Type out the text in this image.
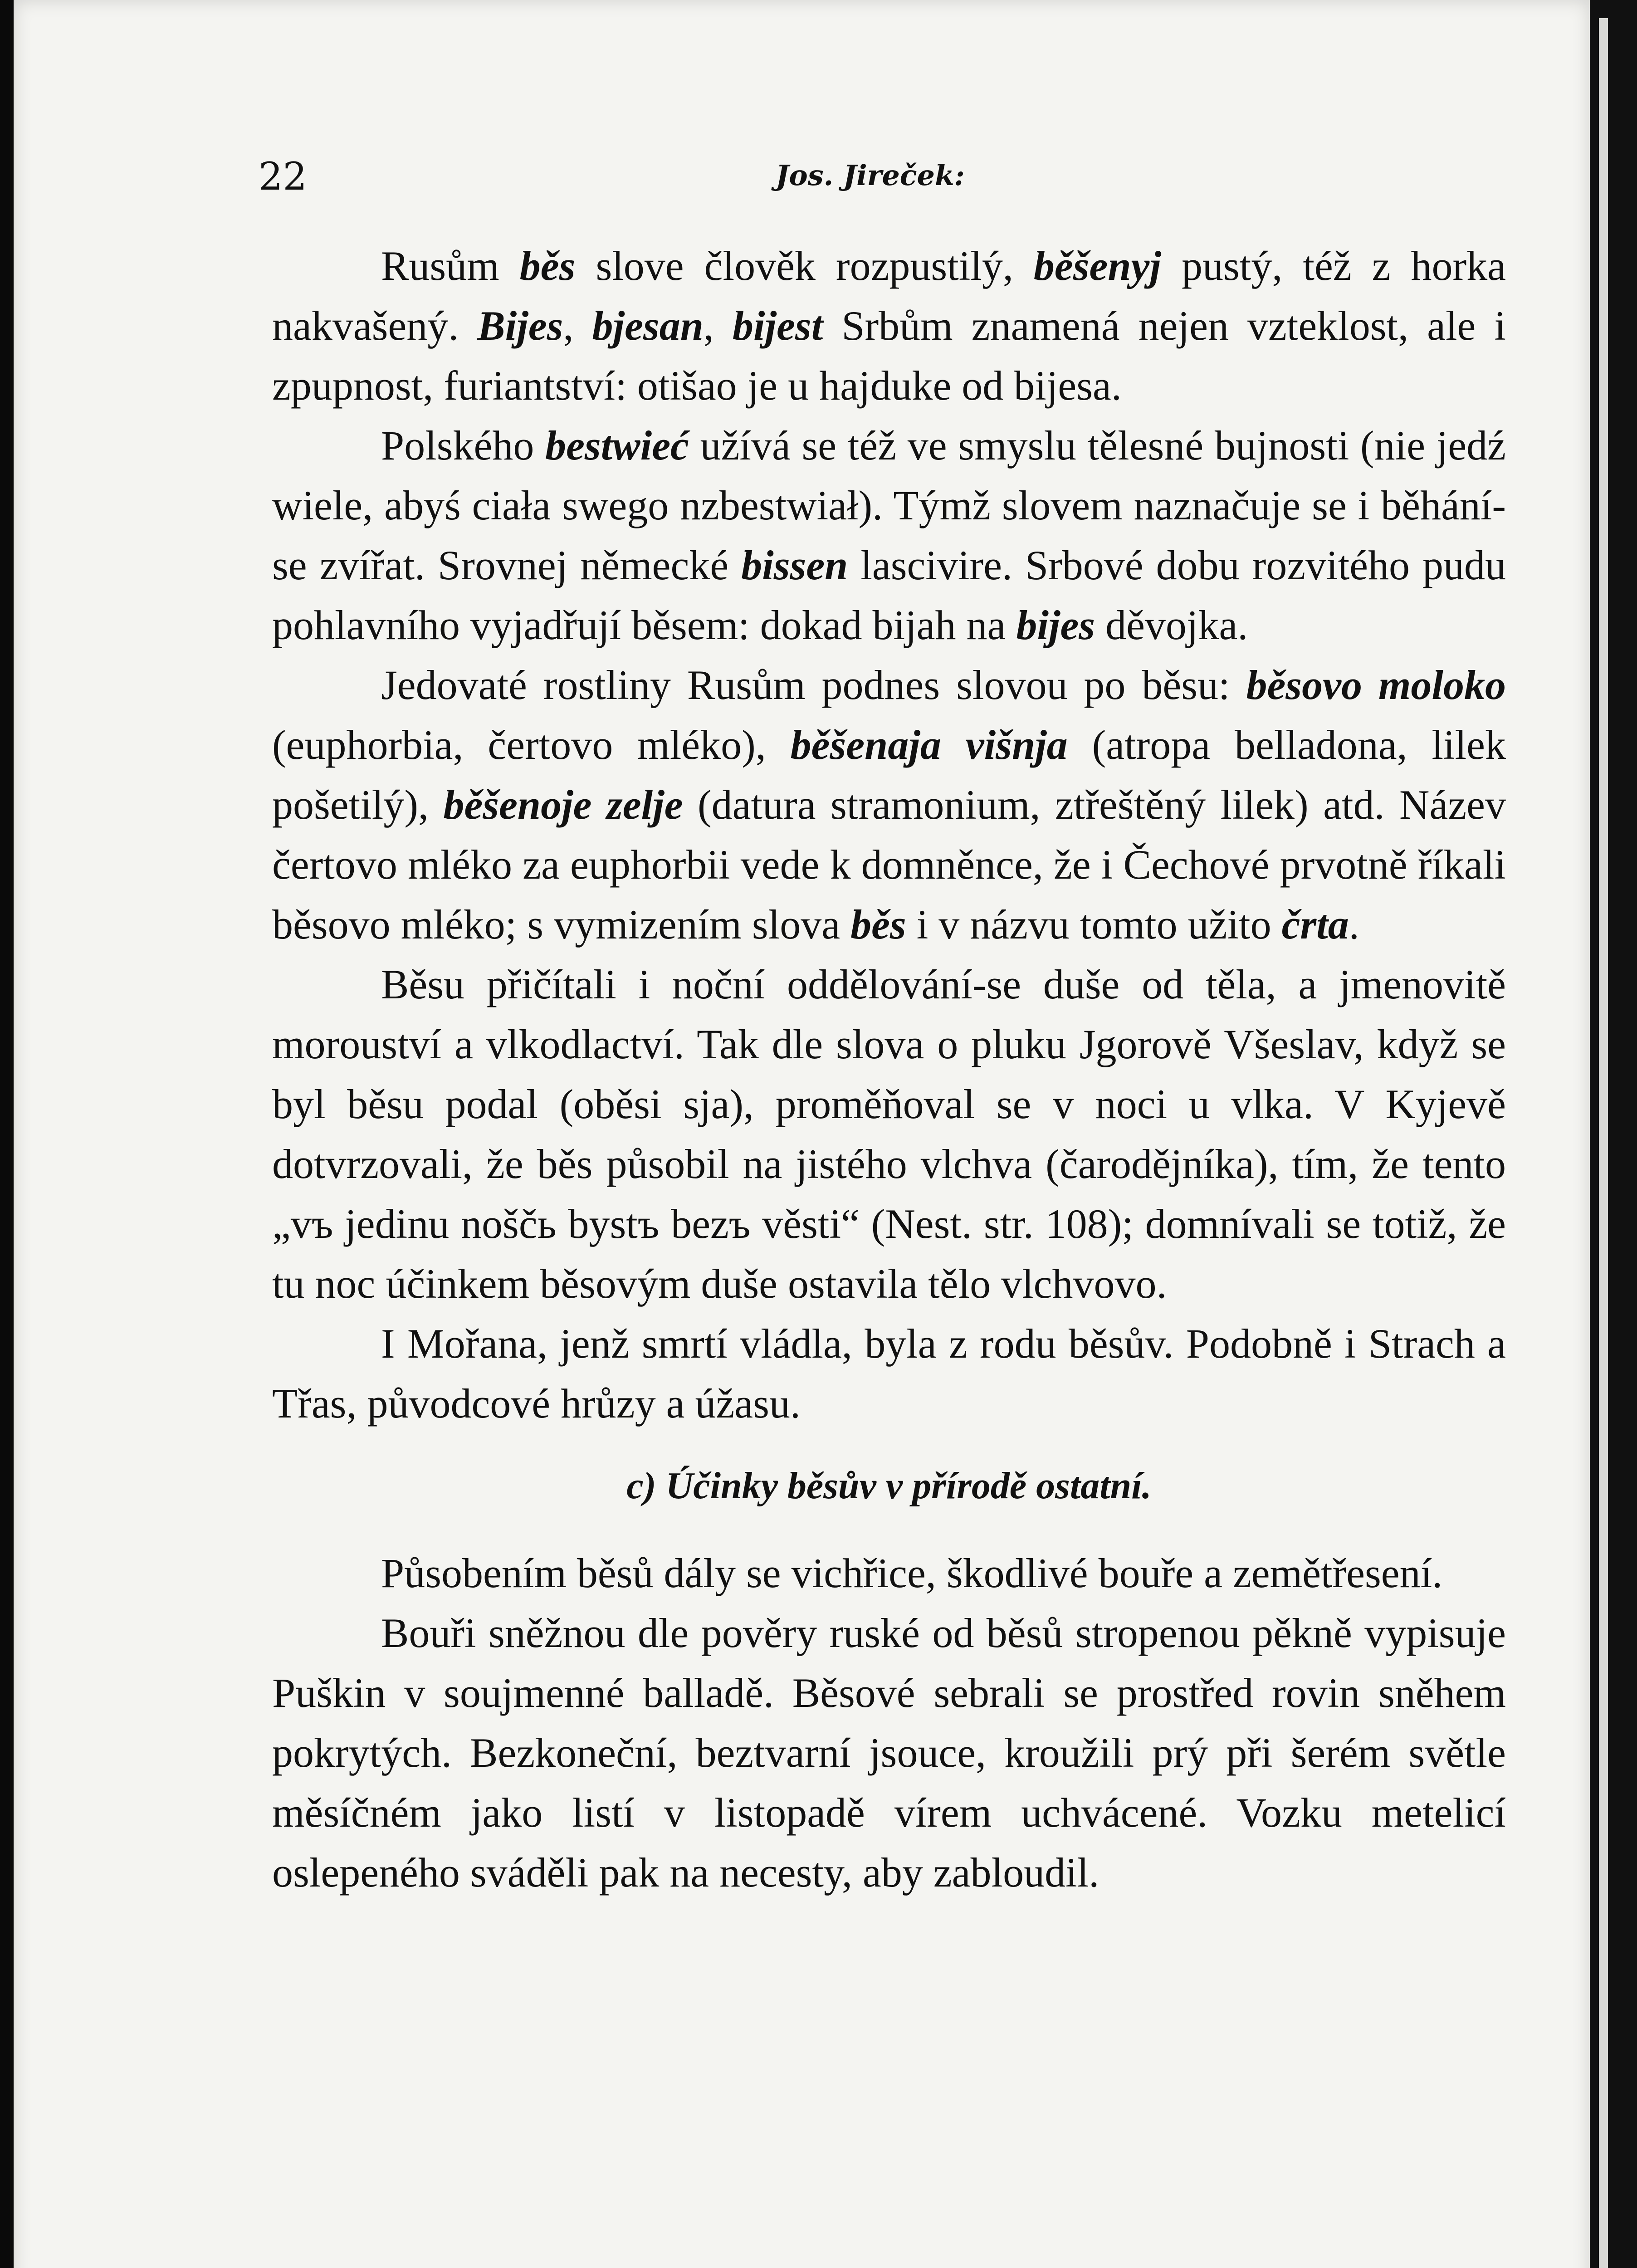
22	Jos. Jireček:

Rusům běs slove člověk rozpustilý, běšenyj pustý, též z horka nakvašený. Bijes, bjesan, bijest Srbům znamená nejen vzteklost, ale i zpupnost, furiantství: otišao je u hajduke od bijesa.

Polského bestwieć užívá se též ve smyslu tělesné bujnosti (nie jedź wiele, abyś ciała swego nzbestwiał). Týmž slovem naznačuje se i běhání-se zvířat. Srovnej německé bissen lascivire. Srbové dobu rozvitého pudu pohlavního vyjadřují běsem: dokad bijah na bijes děvojka.

Jedovaté rostliny Rusům podnes slovou po běsu: běsovo moloko (euphorbia, čertovo mléko), běšenaja višnja (atropa belladona, lilek pošetilý), běšenoje zelje (datura stramonium, ztřeštěný lilek) atd. Název čertovo mléko za euphorbii vede k domněnce, že i Čechové prvotně říkali běsovo mléko; s vymizením slova běs i v názvu tomto užito črta.

Běsu přičítali i noční oddělování-se duše od těla, a jmenovitě morouství a vlkodlactví. Tak dle slova o pluku Jgorově Všeslav, když se byl běsu podal (oběsi sja), proměňoval se v noci u vlka. V Kyjevě dotvrzovali, že běs působil na jistého vlchva (čarodějníka), tím, že tento „vъ jedinu noščь bystъ bezъ věsti“ (Nest. str. 108); domnívali se totiž, že tu noc účinkem běsovým duše ostavila tělo vlchvovo.

I Mořana, jenž smrtí vládla, byla z rodu běsův. Podobně i Strach a Třas, původcové hrůzy a úžasu.

c) Účinky běsův v přírodě ostatní.

Působením běsů dály se vichřice, škodlivé bouře a zemětřesení.

Bouři sněžnou dle pověry ruské od běsů stropenou pěkně vypisuje Puškin v soujmenné balladě. Běsové sebrali se prostřed rovin sněhem pokrytých. Bezkoneční, beztvarní jsouce, kroužili prý při šerém světle měsíčném jako listí v listopadě vírem uchvácené. Vozku metelicí oslepeného sváděli pak na necesty, aby zabloudil.
